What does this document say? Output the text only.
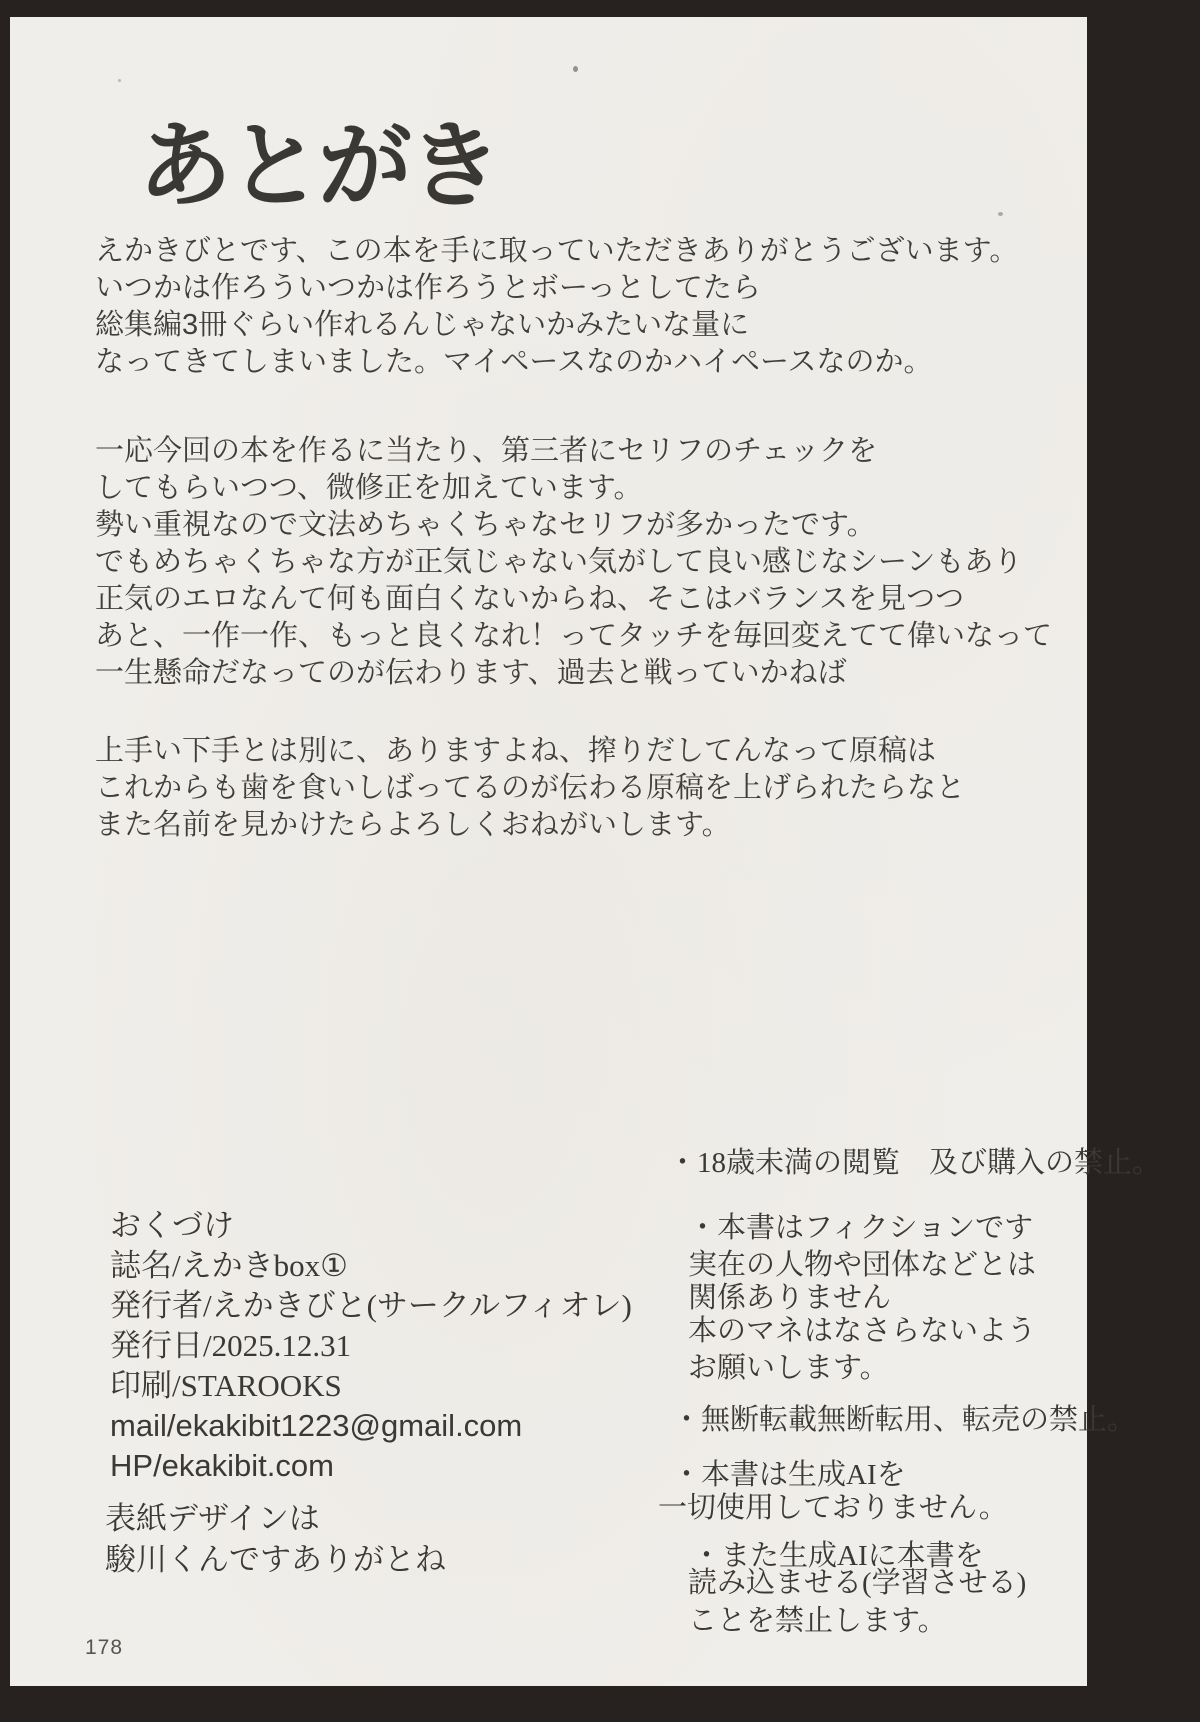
あとがき
えかきびとです、この本を手に取っていただきありがとうございます。
いつかは作ろういつかは作ろうとボーっとしてたら
総集編3冊ぐらい作れるんじゃないかみたいな量に
なってきてしまいました。マイペースなのかハイペースなのか。
一応今回の本を作るに当たり、第三者にセリフのチェックを
してもらいつつ、微修正を加えています。
勢い重視なので文法めちゃくちゃなセリフが多かったです。
でもめちゃくちゃな方が正気じゃない気がして良い感じなシーンもあり
正気のエロなんて何も面白くないからね、そこはバランスを見つつ
あと、一作一作、もっと良くなれ！ってタッチを毎回変えてて偉いなって
一生懸命だなってのが伝わります、過去と戦っていかねば
上手い下手とは別に、ありますよね、搾りだしてんなって原稿は
これからも歯を食いしばってるのが伝わる原稿を上げられたらなと
また名前を見かけたらよろしくおねがいします。
おくづけ
誌名/えかきbox①
発行者/えかきびと(サークルフィオレ)
発行日/2025.12.31
印刷/STAROOKS
mail/ekakibit1223@gmail.com
HP/ekakibit.com
表紙デザインは
駿川くんですありがとね
・18歳未満の閲覧　及び購入の禁止。
・本書はフィクションです
実在の人物や団体などとは
関係ありません
本のマネはなさらないよう
お願いします。
・無断転載無断転用、転売の禁止。
・本書は生成AIを
一切使用しておりません。
・また生成AIに本書を
読み込ませる(学習させる)
ことを禁止します。
178
